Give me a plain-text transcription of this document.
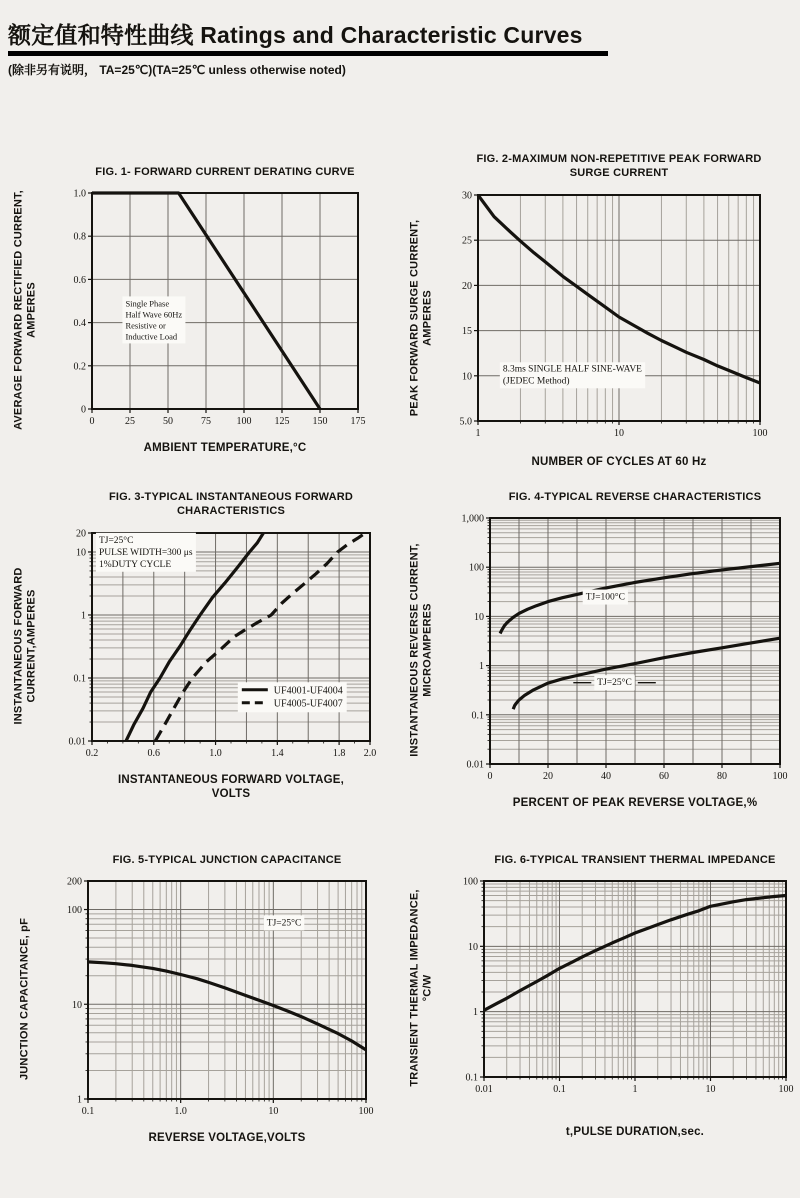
额定值和特性曲线 Ratings and Characteristic Curves
(除非另有说明， TA=25℃)(TA=25℃ unless otherwise noted)
FIG. 1- FORWARD CURRENT DERATING CURVE
AVERAGE FORWARD RECTIFIED CURRENT, AMPERES
0	25	50	75	100 125 150 175
1.0
0.8
0.6
0.4
0.2
0
Single Phase
Half Wave 60Hz
Resistive or
Inductive Load
AMBIENT TEMPERATURE,°C
FIG. 2-MAXIMUM NON-REPETITIVE PEAK FORWARD
SURGE CURRENT
PEAK FORWARD SURGE CURRENT, AMPERES
1	10	100
30
25
20
15
10
5.0
8.3ms SINGLE HALF SINE-WAVE
(JEDEC Method)
NUMBER OF CYCLES AT 60 Hz
FIG. 3-TYPICAL INSTANTANEOUS FORWARD
CHARACTERISTICS
INSTANTANEOUS FORWARD CURRENT,AMPERES
0.2	0.6	1.0	1.4	1.8 2.0
20
10
1
0.1
0.01
TJ=25°C
PULSE WIDTH=300 μs
1%DUTY CYCLE
UF4001-UF4004
UF4005-UF4007
INSTANTANEOUS FORWARD VOLTAGE,
VOLTS
FIG. 4-TYPICAL REVERSE CHARACTERISTICS
INSTANTANEOUS REVERSE CURRENT, MICROAMPERES
0	20	40	60	80	100
1,000
100
10
1
0.1
0.01
TJ=100°C
TJ=25°C
PERCENT OF PEAK REVERSE VOLTAGE,%
FIG. 5-TYPICAL JUNCTION CAPACITANCE
JUNCTION CAPACITANCE, pF
0.1	1.0	10	100
200
100
10
1
TJ=25°C
REVERSE VOLTAGE,VOLTS
FIG. 6-TYPICAL TRANSIENT THERMAL IMPEDANCE
TRANSIENT THERMAL IMPEDANCE, °C/W
0.01	0.1	1	10	100
100
10
1
0.1
t,PULSE DURATION,sec.
